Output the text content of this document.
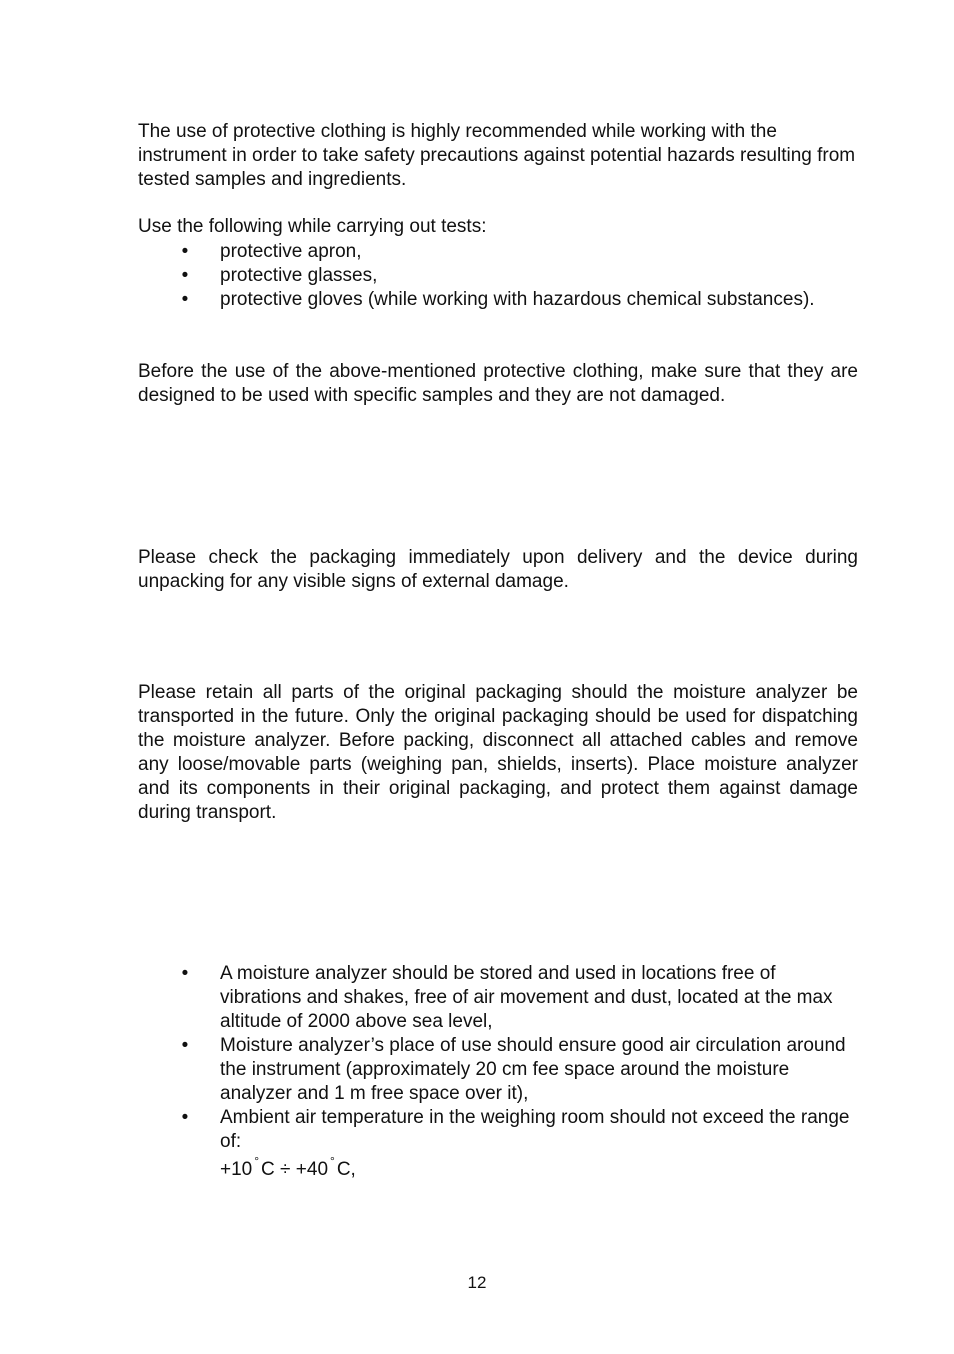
The use of protective clothing is highly recommended while working with the instrument in order to take safety precautions against potential hazards resulting from tested samples and ingredients.

Use the following while carrying out tests:

• protective apron,
• protective glasses,
• protective gloves (while working with hazardous chemical substances).

Before the use of the above-mentioned protective clothing, make sure that they are designed to be used with specific samples and they are not damaged.

Please check the packaging immediately upon delivery and the device during unpacking for any visible signs of external damage.

Please retain all parts of the original packaging should the moisture analyzer be transported in the future. Only the original packaging should be used for dispatching the moisture analyzer. Before packing, disconnect all attached cables and remove any loose/movable parts (weighing pan, shields, inserts). Place moisture analyzer and its components in their original packaging, and protect them against damage during transport.

• A moisture analyzer should be stored and used in locations free of vibrations and shakes, free of air movement and dust, located at the max altitude of 2000 above sea level,
• Moisture analyzer’s place of use should ensure good air circulation around the instrument (approximately 20 cm fee space around the moisture analyzer and 1 m free space over it),
• Ambient air temperature in the weighing room should not exceed the range of:
+10 ° C ÷ +40 ° C,
12
